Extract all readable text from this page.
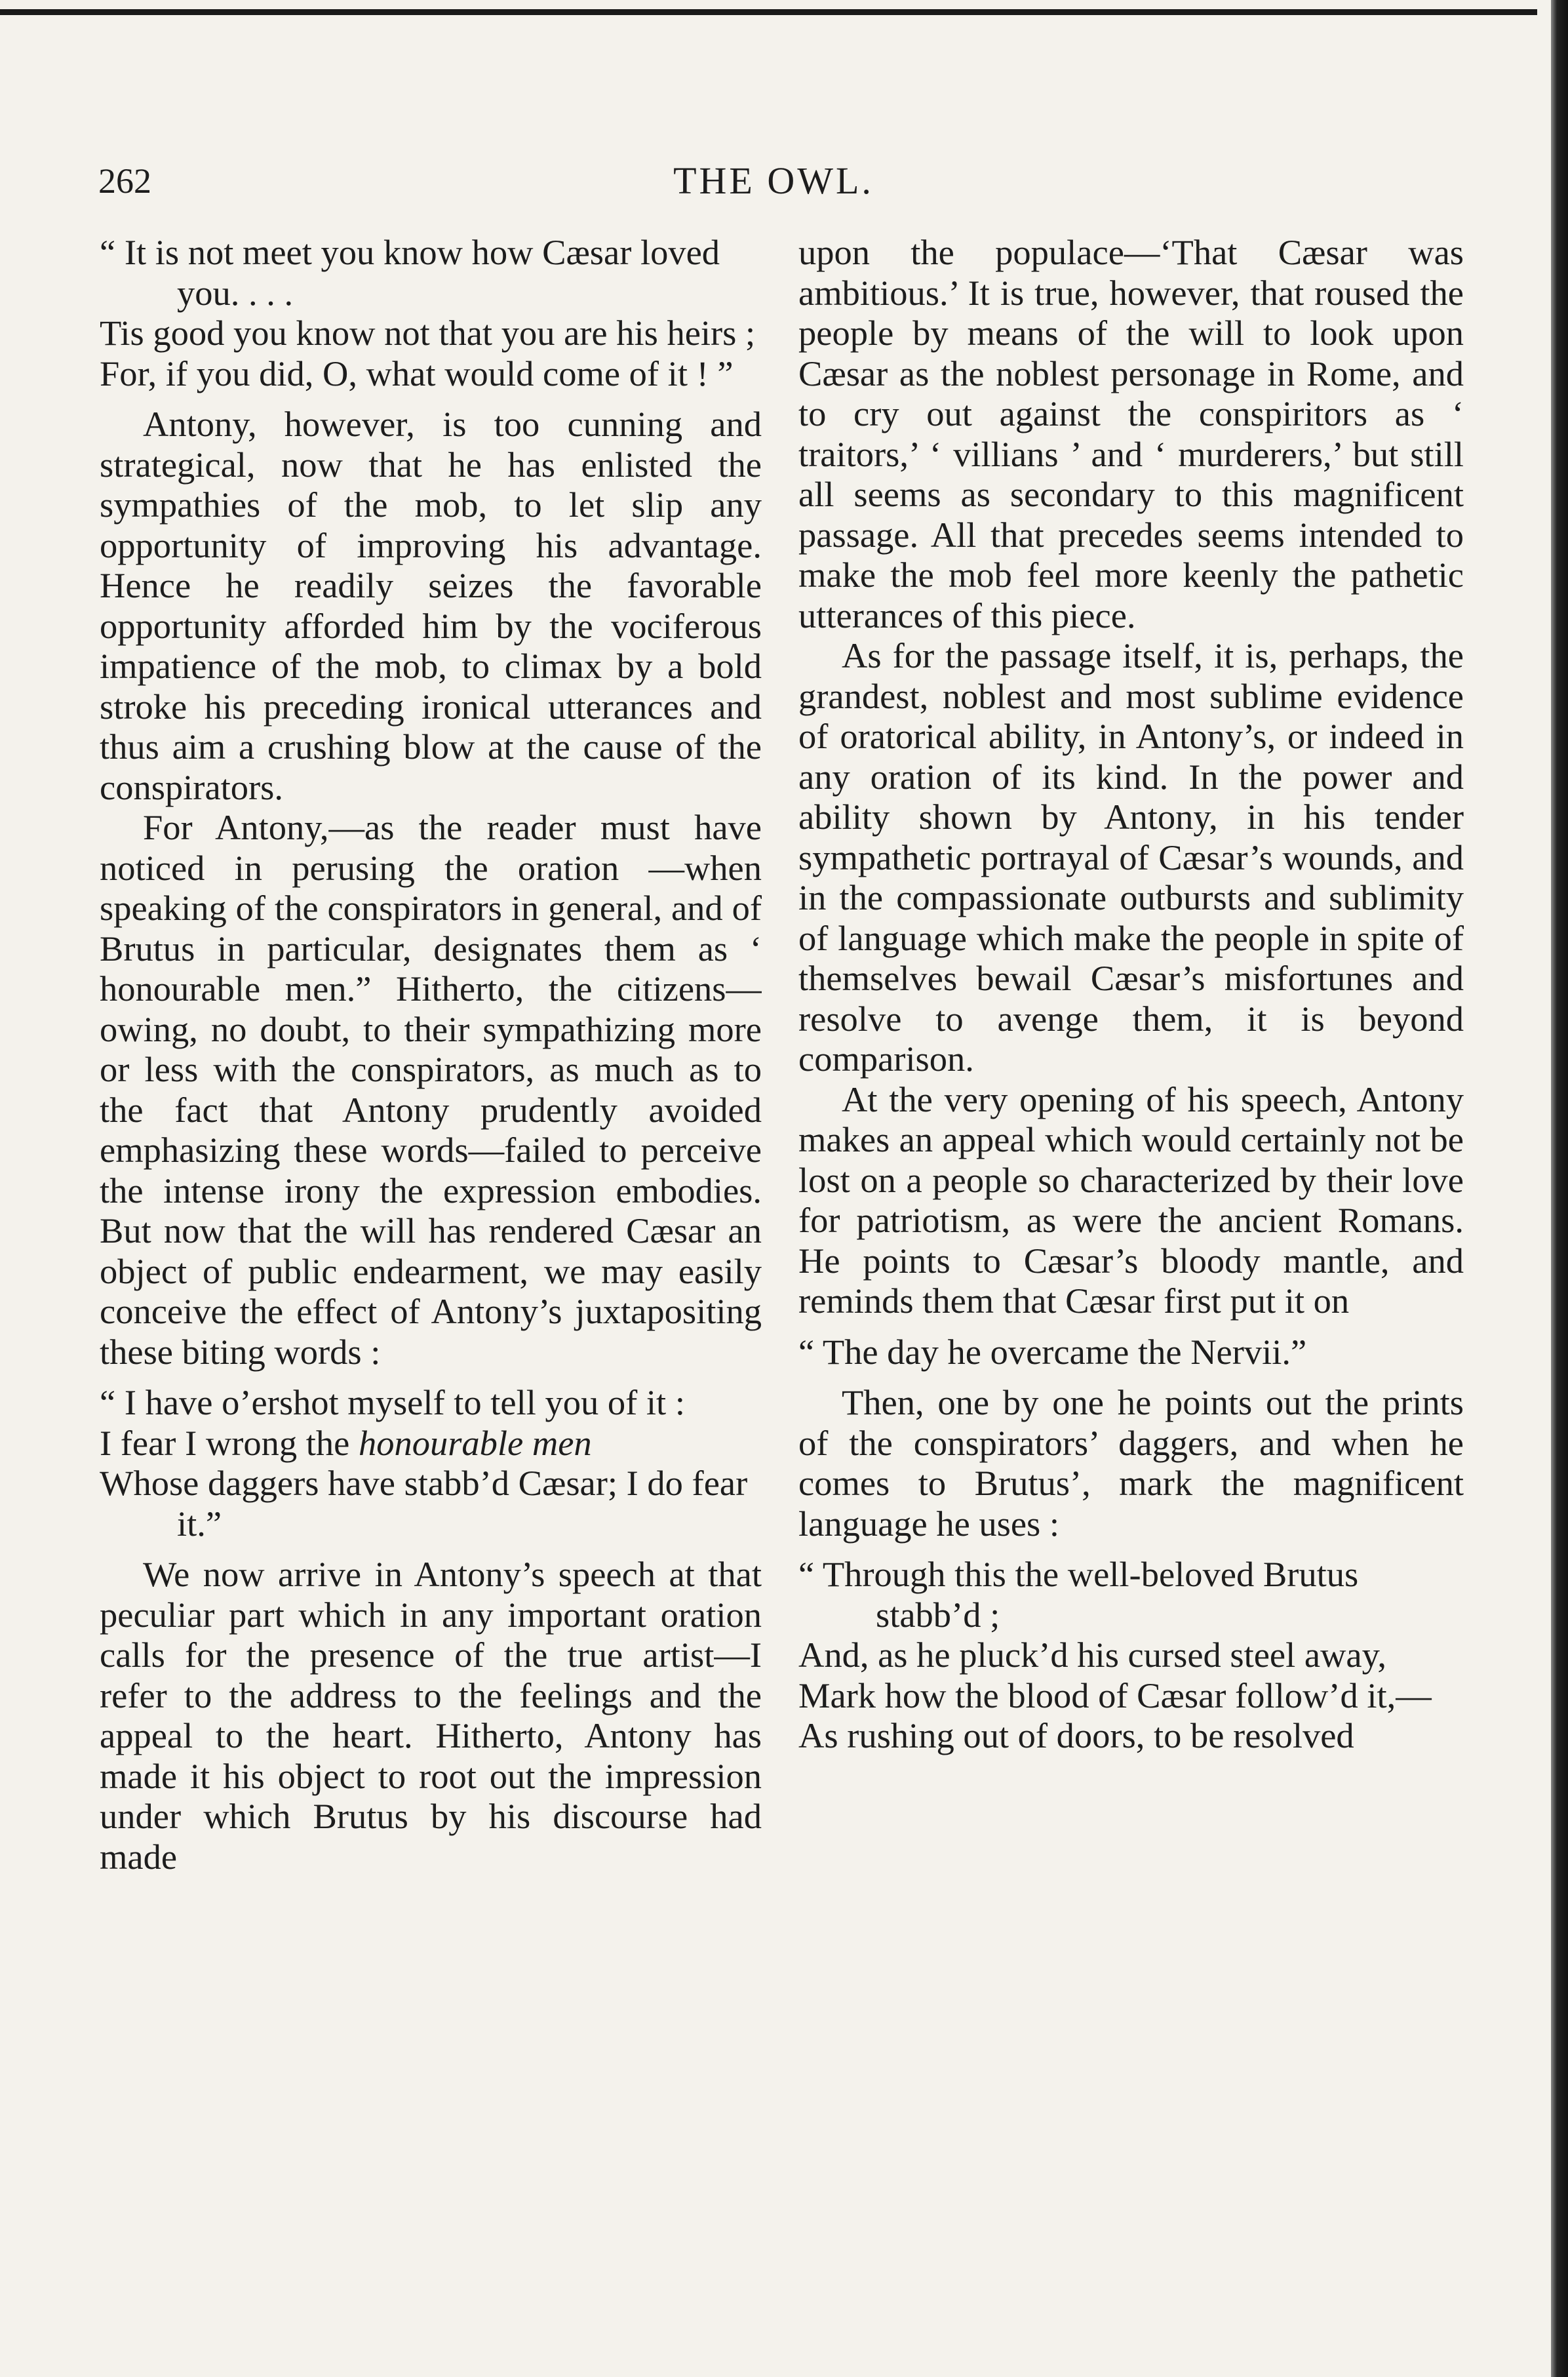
262	THE OWL.
“ It is not meet you know how Cæsar loved you. . . .
Tis good you know not that you are his heirs ;
For, if you did, O, what would come of it ! ”

Antony, however, is too cunning and strategical, now that he has enlisted the sympathies of the mob, to let slip any opportunity of improving his advantage. Hence he readily seizes the favorable opportunity afforded him by the vociferous impatience of the mob, to climax by a bold stroke his preceding ironical utterances and thus aim a crushing blow at the cause of the conspirators.

For Antony,—as the reader must have noticed in perusing the oration —when speaking of the conspirators in general, and of Brutus in particular, designates them as ‘ honourable men.” Hitherto, the citizens—owing, no doubt, to their sympathizing more or less with the conspirators, as much as to the fact that Antony prudently avoided emphasizing these words—failed to perceive the intense irony the expression embodies. But now that the will has rendered Cæsar an object of public endearment, we may easily conceive the effect of Antony’s juxtapositing these biting words :

“ I have o’ershot myself to tell you of it :
I fear I wrong the honourable men
Whose daggers have stabb’d Cæsar; I do fear it.”

We now arrive in Antony’s speech at that peculiar part which in any important oration calls for the presence of the true artist—I refer to the address to the feelings and the appeal to the heart. Hitherto, Antony has made it his object to root out the impression under which Brutus by his discourse had made

upon the populace—‘That Cæsar was ambitious.’ It is true, however, that roused the people by means of the will to look upon Cæsar as the noblest personage in Rome, and to cry out against the conspiritors as ‘ traitors,’ ‘ villians ’ and ‘ murderers,’ but still all seems as secondary to this magnificent passage. All that precedes seems intended to make the mob feel more keenly the pathetic utterances of this piece.

As for the passage itself, it is, perhaps, the grandest, noblest and most sublime evidence of oratorical ability, in Antony’s, or indeed in any oration of its kind. In the power and ability shown by Antony, in his tender sympathetic portrayal of Cæsar’s wounds, and in the compassionate outbursts and sublimity of language which make the people in spite of themselves bewail Cæsar’s misfortunes and resolve to avenge them, it is beyond comparison.

At the very opening of his speech, Antony makes an appeal which would certainly not be lost on a people so characterized by their love for patriotism, as were the ancient Romans. He points to Cæsar’s bloody mantle, and reminds them that Cæsar first put it on

“ The day he overcame the Nervii.”

Then, one by one he points out the prints of the conspirators’ daggers, and when he comes to Brutus’, mark the magnificent language he uses :

“ Through this the well-beloved Brutus stabb’d ;
And, as he pluck’d his cursed steel away,
Mark how the blood of Cæsar follow’d it,—
As rushing out of doors, to be resolved
